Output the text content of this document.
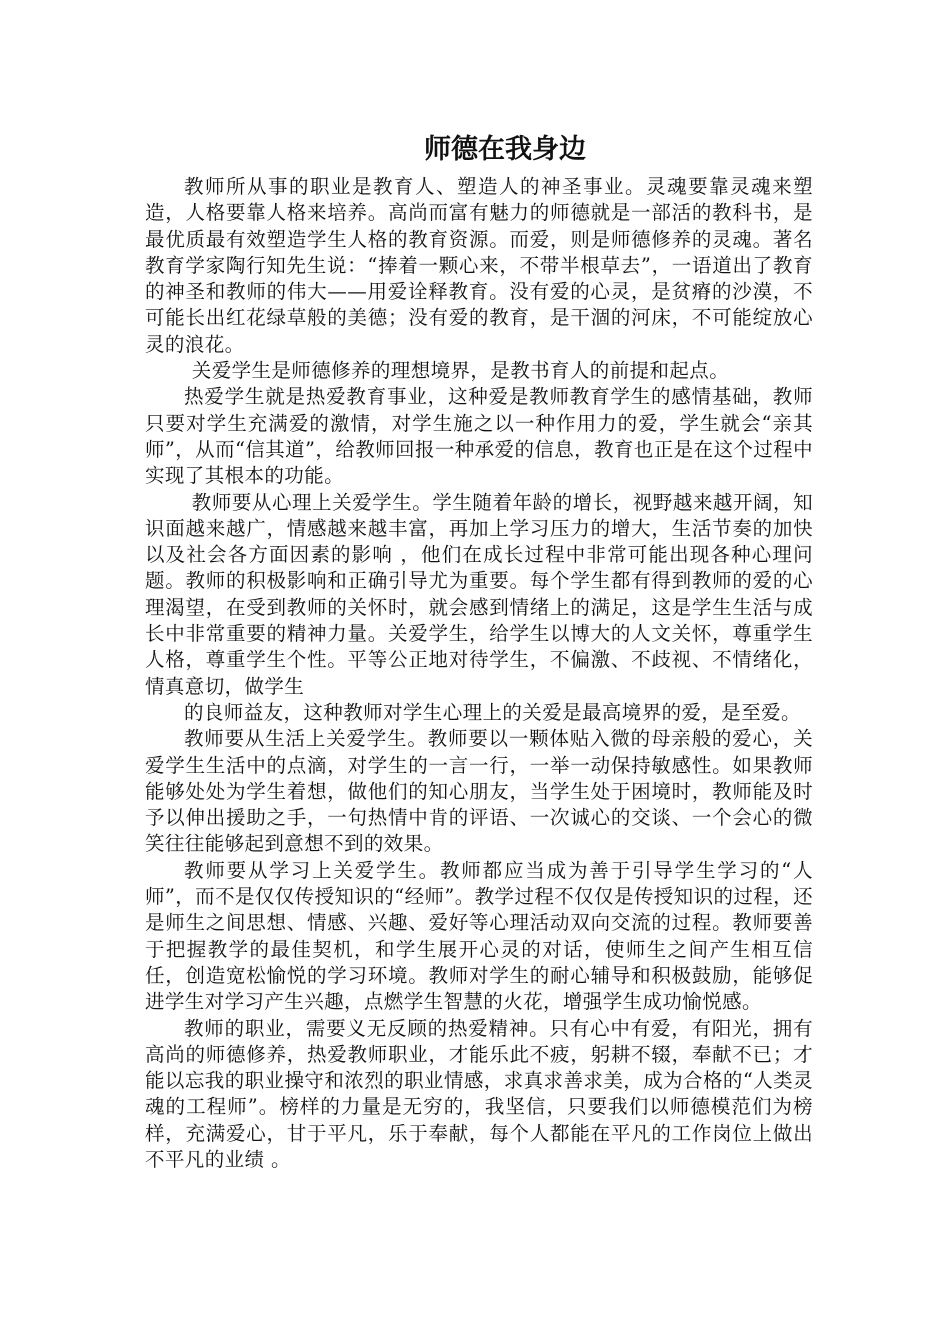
师德在我身边

教师所从事的职业是教育人、塑造人的神圣事业。灵魂要靠灵魂来塑造，人格要靠人格来培养。高尚而富有魅力的师德就是一部活的教科书，是最优质最有效塑造学生人格的教育资源。而爱，则是师德修养的灵魂。著名教育学家陶行知先生说：“捧着一颗心来，不带半根草去”，一语道出了教育的神圣和教师的伟大——用爱诠释教育。没有爱的心灵，是贫瘠的沙漠，不可能长出红花绿草般的美德；没有爱的教育，是干涸的河床，不可能绽放心灵的浪花。

关爱学生是师德修养的理想境界，是教书育人的前提和起点。

热爱学生就是热爱教育事业，这种爱是教师教育学生的感情基础，教师只要对学生充满爱的激情，对学生施之以一种作用力的爱，学生就会“亲其师”，从而“信其道”，给教师回报一种承爱的信息，教育也正是在这个过程中实现了其根本的功能。

教师要从心理上关爱学生。学生随着年龄的增长，视野越来越开阔，知识面越来越广，情感越来越丰富，再加上学习压力的增大，生活节奏的加快以及社会各方面因素的影响 ，他们在成长过程中非常可能出现各种心理问题。教师的积极影响和正确引导尤为重要。每个学生都有得到教师的爱的心理渴望，在受到教师的关怀时，就会感到情绪上的满足，这是学生生活与成长中非常重要的精神力量。关爱学生，给学生以博大的人文关怀，尊重学生人格，尊重学生个性。平等公正地对待学生，不偏激、不歧视、不情绪化，情真意切，做学生

的良师益友，这种教师对学生心理上的关爱是最高境界的爱，是至爱。

教师要从生活上关爱学生。教师要以一颗体贴入微的母亲般的爱心，关爱学生生活中的点滴，对学生的一言一行，一举一动保持敏感性。如果教师能够处处为学生着想，做他们的知心朋友，当学生处于困境时，教师能及时予以伸出援助之手，一句热情中肯的评语、一次诚心的交谈、一个会心的微笑往往能够起到意想不到的效果。

教师要从学习上关爱学生。教师都应当成为善于引导学生学习的“人师”，而不是仅仅传授知识的“经师”。教学过程不仅仅是传授知识的过程，还是师生之间思想、情感、兴趣、爱好等心理活动双向交流的过程。教师要善于把握教学的最佳契机，和学生展开心灵的对话，使师生之间产生相互信任，创造宽松愉悦的学习环境。教师对学生的耐心辅导和积极鼓励，能够促进学生对学习产生兴趣，点燃学生智慧的火花，增强学生成功愉悦感。

教师的职业，需要义无反顾的热爱精神。只有心中有爱，有阳光，拥有高尚的师德修养，热爱教师职业，才能乐此不疲，躬耕不辍，奉献不已；才能以忘我的职业操守和浓烈的职业情感，求真求善求美，成为合格的“人类灵魂的工程师”。榜样的力量是无穷的，我坚信，只要我们以师德模范们为榜样，充满爱心，甘于平凡，乐于奉献，每个人都能在平凡的工作岗位上做出不平凡的业绩 。
